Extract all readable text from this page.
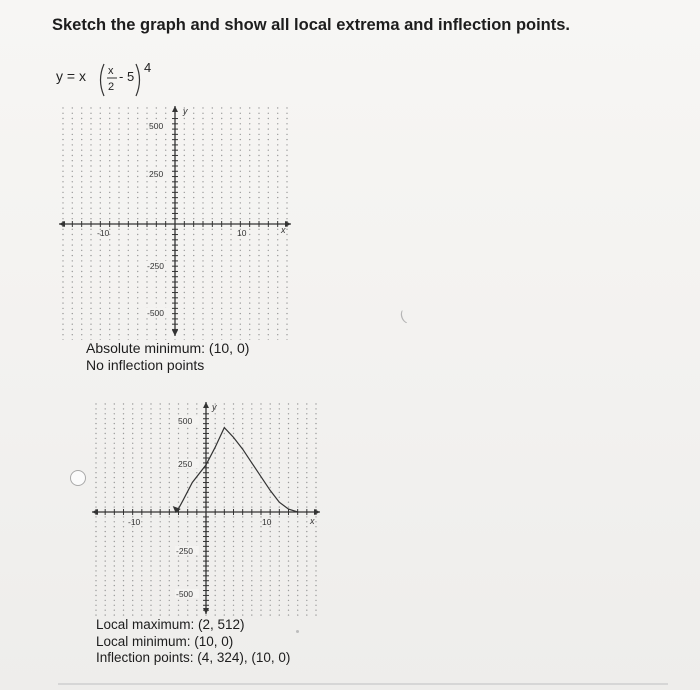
Sketch the graph and show all local extrema and inflection points.
y = x x
2
- 5
4
y
x
500
250
-250
-500
-10	10
Absolute minimum: (10, 0)
No inflection points
(
y
x
500
250
-250
-500
-10	10
Local maximum: (2, 512)
Local minimum: (10, 0)
Inflection points: (4, 324), (10, 0)
